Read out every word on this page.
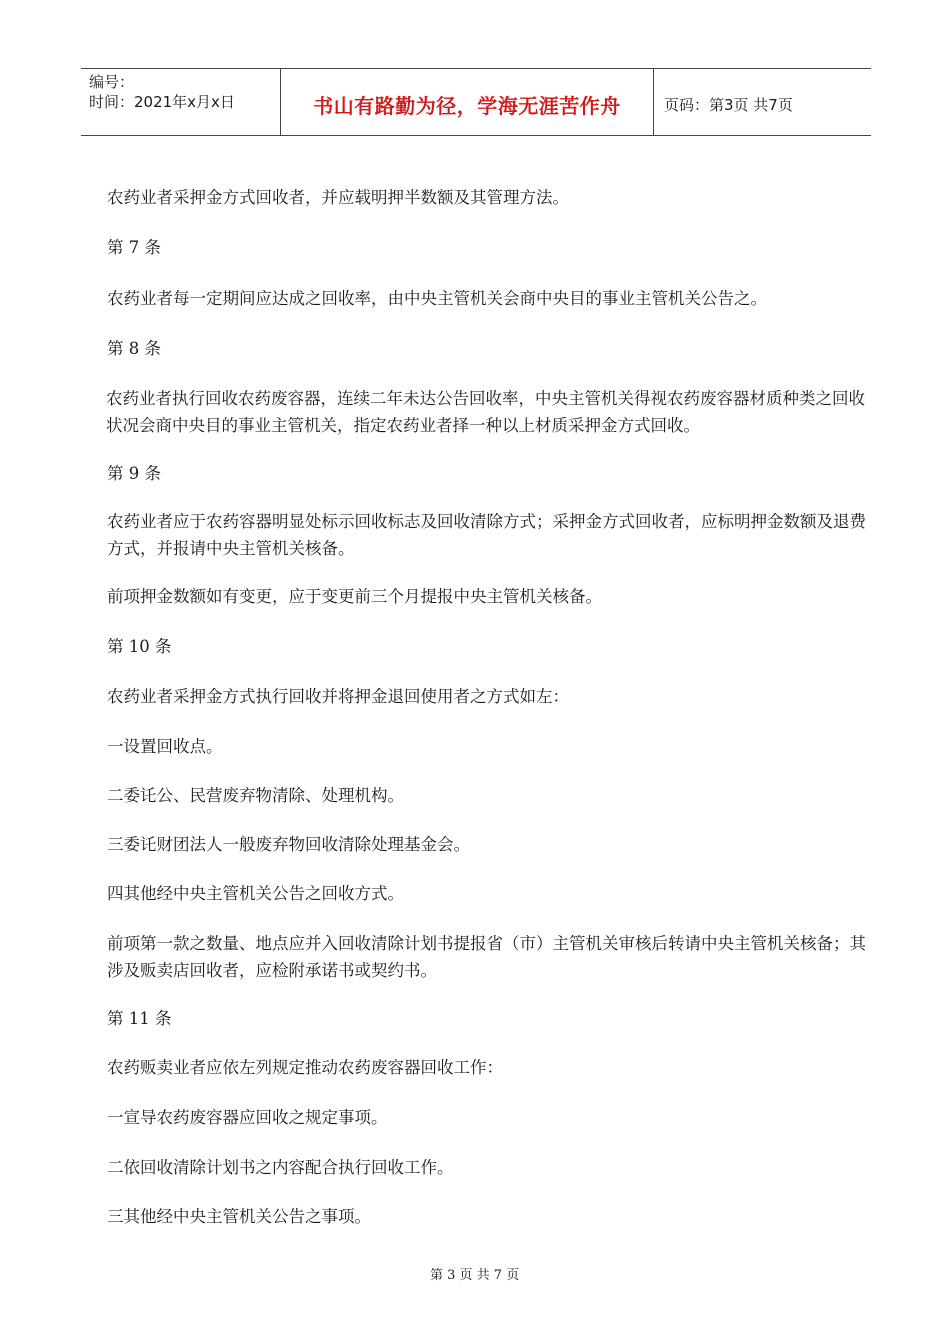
编号：
时间：2021年x月x日	书山有路勤为径，学海无涯苦作舟	页码：第3页 共7页

农药业者采押金方式回收者，并应载明押半数额及其管理方法。

第 7 条

农药业者每一定期间应达成之回收率，由中央主管机关会商中央目的事业主管机关公告之。

第 8 条

农药业者执行回收农药废容器，连续二年未达公告回收率，中央主管机关得视农药废容器材质种类之回收状况会商中央目的事业主管机关，指定农药业者择一种以上材质采押金方式回收。

第 9 条

农药业者应于农药容器明显处标示回收标志及回收清除方式；采押金方式回收者，应标明押金数额及退费方式，并报请中央主管机关核备。

前项押金数额如有变更，应于变更前三个月提报中央主管机关核备。

第 10 条

农药业者采押金方式执行回收并将押金退回使用者之方式如左：

一设置回收点。

二委讬公、民营废弃物清除、处理机构。

三委讬财团法人一般废弃物回收清除处理基金会。

四其他经中央主管机关公告之回收方式。

前项第一款之数量、地点应并入回收清除计划书提报省（市）主管机关审核后转请中央主管机关核备；其涉及贩卖店回收者，应检附承诺书或契约书。

第 11 条

农药贩卖业者应依左列规定推动农药废容器回收工作：

一宣导农药废容器应回收之规定事项。

二依回收清除计划书之内容配合执行回收工作。

三其他经中央主管机关公告之事项。

第 3 页 共 7 页
